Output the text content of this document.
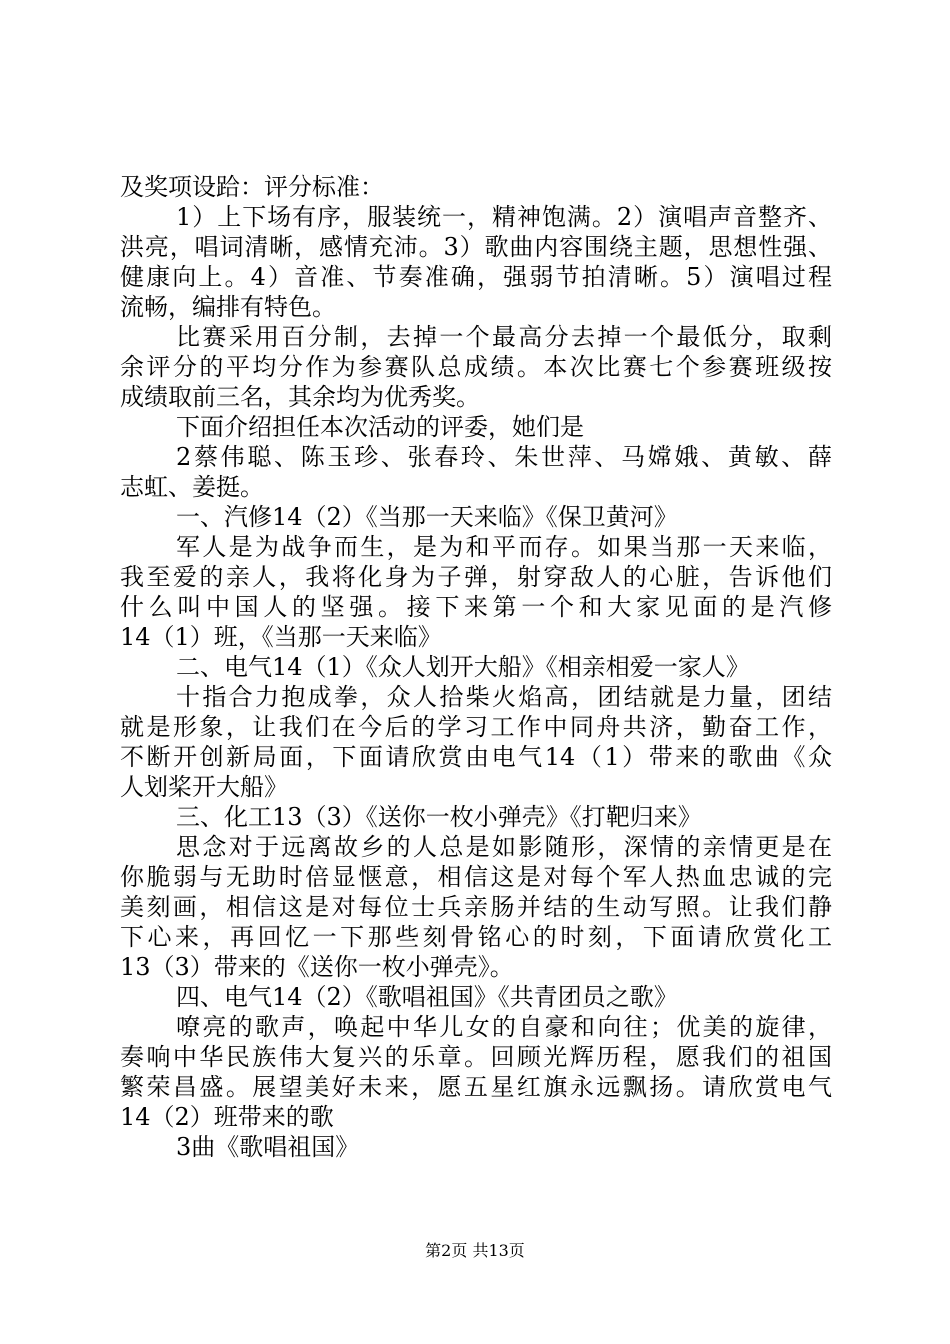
及奖项设跲：评分标准：
1）上下场有序，服装统一，精神饱满。2）演唱声音整齐、
洪亮，唱词清晰，感情充沛。3）歌曲内容围绕主题，思想性强、
健康向上。4）音准、节奏准确，强弱节拍清晰。5）演唱过程
流畅，编排有特色。
比赛采用百分制，去掉一个最高分去掉一个最低分，取剩
余评分的平均分作为参赛队总成绩。本次比赛七个参赛班级按
成绩取前三名，其余均为优秀奖。
下面介绍担任本次活动的评委，她们是
2蔡伟聪、陈玉珍、张春玲、朱世萍、马嫦娥、黄敏、薛
志虹、姜挺。
一、汽修14（2）《当那一天来临》《保卫黄河》
军人是为战争而生，是为和平而存。如果当那一天来临，
我至爱的亲人，我将化身为子弹，射穿敌人的心脏，告诉他们
什么叫中国人的坚强。接下来第一个和大家见面的是汽修
14（1）班，《当那一天来临》
二、电气14（1）《众人划开大船》《相亲相爱一家人》
十指合力抱成拳，众人拾柴火焰高，团结就是力量，团结
就是形象，让我们在今后的学习工作中同舟共济，勤奋工作，
不断开创新局面，下面请欣赏由电气14（1）带来的歌曲《众
人划桨开大船》
三、化工13（3）《送你一枚小弹壳》《打靶归来》
思念对于远离故乡的人总是如影随形，深情的亲情更是在
你脆弱与无助时倍显惬意，相信这是对每个军人热血忠诚的完
美刻画，相信这是对每位士兵亲肠并结的生动写照。让我们静
下心来，再回忆一下那些刻骨铭心的时刻，下面请欣赏化工
13（3）带来的《送你一枚小弹壳》。
四、电气14（2）《歌唱祖国》《共青团员之歌》
嘹亮的歌声，唤起中华儿女的自豪和向往；优美的旋律，
奏响中华民族伟大复兴的乐章。回顾光辉历程，愿我们的祖国
繁荣昌盛。展望美好未来，愿五星红旗永远飘扬。请欣赏电气
14（2）班带来的歌
3曲《歌唱祖国》
第2页 共13页
